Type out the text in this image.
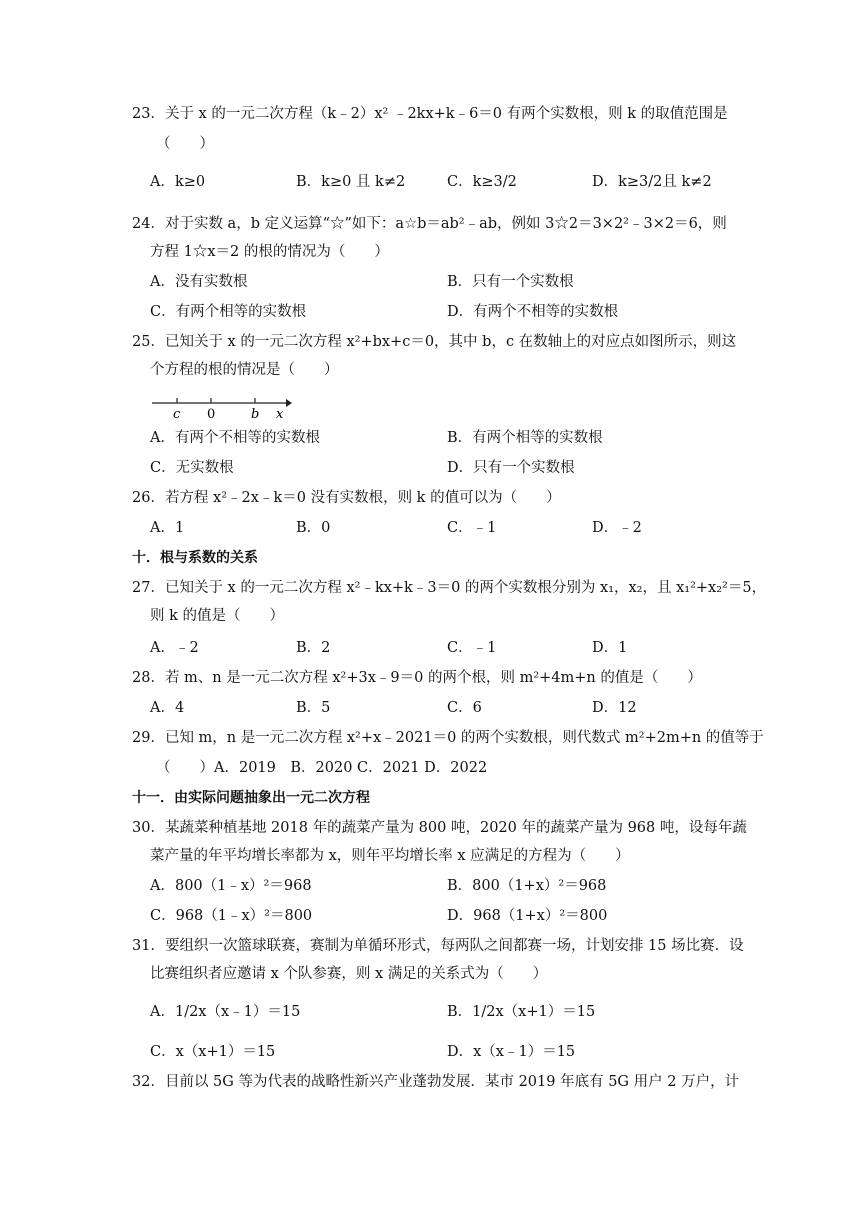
23．关于 x 的一元二次方程（k﹣2）x² ﹣2kx+k﹣6＝0 有两个实数根，则 k 的取值范围是
（　　）
A．k≥0	B．k≥0 且 k≠2	C．k≥3/2	D．k≥3/2且 k≠2
24．对于实数 a，b 定义运算“☆”如下：a☆b＝ab²﹣ab，例如 3☆2＝3×2²﹣3×2＝6，则
方程 1☆x＝2 的根的情况为（　　）
A．没有实数根	B．只有一个实数根
C．有两个相等的实数根	D．有两个不相等的实数根
25．已知关于 x 的一元二次方程 x²+bx+c＝0，其中 b，c 在数轴上的对应点如图所示，则这
个方程的根的情况是（　　）
c 0	b x
A．有两个不相等的实数根	B．有两个相等的实数根
C．无实数根	D．只有一个实数根
26．若方程 x²﹣2x﹣k＝0 没有实数根，则 k 的值可以为（　　）
A．1	B．0	C．﹣1	D．﹣2
十．根与系数的关系
27．已知关于 x 的一元二次方程 x²﹣kx+k﹣3＝0 的两个实数根分别为 x₁，x₂，且 x₁²+x₂²＝5，
则 k 的值是（　　）
A．﹣2	B．2	C．﹣1	D．1
28．若 m、n 是一元二次方程 x²+3x﹣9＝0 的两个根，则 m²+4m+n 的值是（　　）
A．4	B．5	C．6	D．12
29．已知 m，n 是一元二次方程 x²+x﹣2021＝0 的两个实数根，则代数式 m²+2m+n 的值等于
（　　）A．2019　B．2020 C．2021 D．2022
十一．由实际问题抽象出一元二次方程
30．某蔬菜种植基地 2018 年的蔬菜产量为 800 吨，2020 年的蔬菜产量为 968 吨，设每年蔬
菜产量的年平均增长率都为 x，则年平均增长率 x 应满足的方程为（　　）
A．800（1﹣x）²＝968	B．800（1+x）²＝968
C．968（1﹣x）²＝800	D．968（1+x）²＝800
31．要组织一次篮球联赛，赛制为单循环形式，每两队之间都赛一场，计划安排 15 场比赛．设
比赛组织者应邀请 x 个队参赛，则 x 满足的关系式为（　　）
A．1/2x（x﹣1）＝15	B．1/2x（x+1）＝15
C．x（x+1）＝15	D．x（x﹣1）＝15
32．目前以 5G 等为代表的战略性新兴产业蓬勃发展．某市 2019 年底有 5G 用户 2 万户，计
